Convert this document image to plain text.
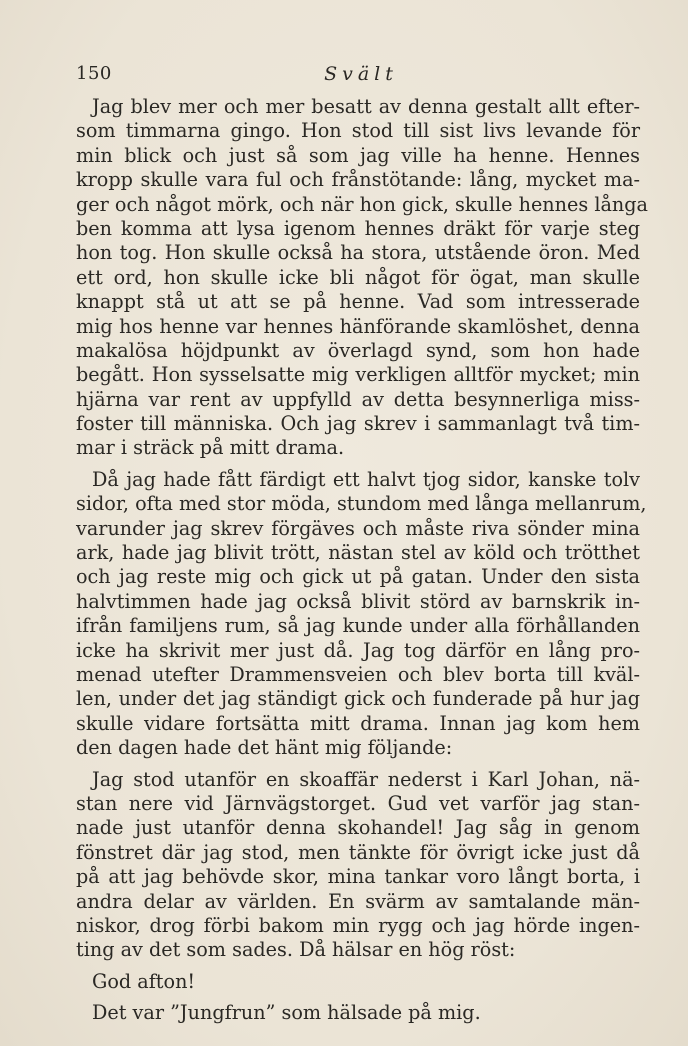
150	Svält
Jag blev mer och mer besatt av denna gestalt allt efter-
som timmarna gingo. Hon stod till sist livs levande för
min blick och just så som jag ville ha henne. Hennes
kropp skulle vara ful och frånstötande: lång, mycket ma-
ger och något mörk, och när hon gick, skulle hennes långa
ben komma att lysa igenom hennes dräkt för varje steg
hon tog. Hon skulle också ha stora, utstående öron. Med
ett ord, hon skulle icke bli något för ögat, man skulle
knappt stå ut att se på henne. Vad som intresserade
mig hos henne var hennes hänförande skamlöshet, denna
makalösa höjdpunkt av överlagd synd, som hon hade
begått. Hon sysselsatte mig verkligen alltför mycket; min
hjärna var rent av uppfylld av detta besynnerliga miss-
foster till människa. Och jag skrev i sammanlagt två tim-
mar i sträck på mitt drama.
Då jag hade fått färdigt ett halvt tjog sidor, kanske tolv
sidor, ofta med stor möda, stundom med långa mellanrum,
varunder jag skrev förgäves och måste riva sönder mina
ark, hade jag blivit trött, nästan stel av köld och trötthet
och jag reste mig och gick ut på gatan. Under den sista
halvtimmen hade jag också blivit störd av barnskrik in-
ifrån familjens rum, så jag kunde under alla förhållanden
icke ha skrivit mer just då. Jag tog därför en lång pro-
menad utefter Drammensveien och blev borta till kväl-
len, under det jag ständigt gick och funderade på hur jag
skulle vidare fortsätta mitt drama. Innan jag kom hem
den dagen hade det hänt mig följande:
Jag stod utanför en skoaffär nederst i Karl Johan, nä-
stan nere vid Järnvägstorget. Gud vet varför jag stan-
nade just utanför denna skohandel! Jag såg in genom
fönstret där jag stod, men tänkte för övrigt icke just då
på att jag behövde skor, mina tankar voro långt borta, i
andra delar av världen. En svärm av samtalande män-
niskor, drog förbi bakom min rygg och jag hörde ingen-
ting av det som sades. Då hälsar en hög röst:
God afton!
Det var ”Jungfrun” som hälsade på mig.
